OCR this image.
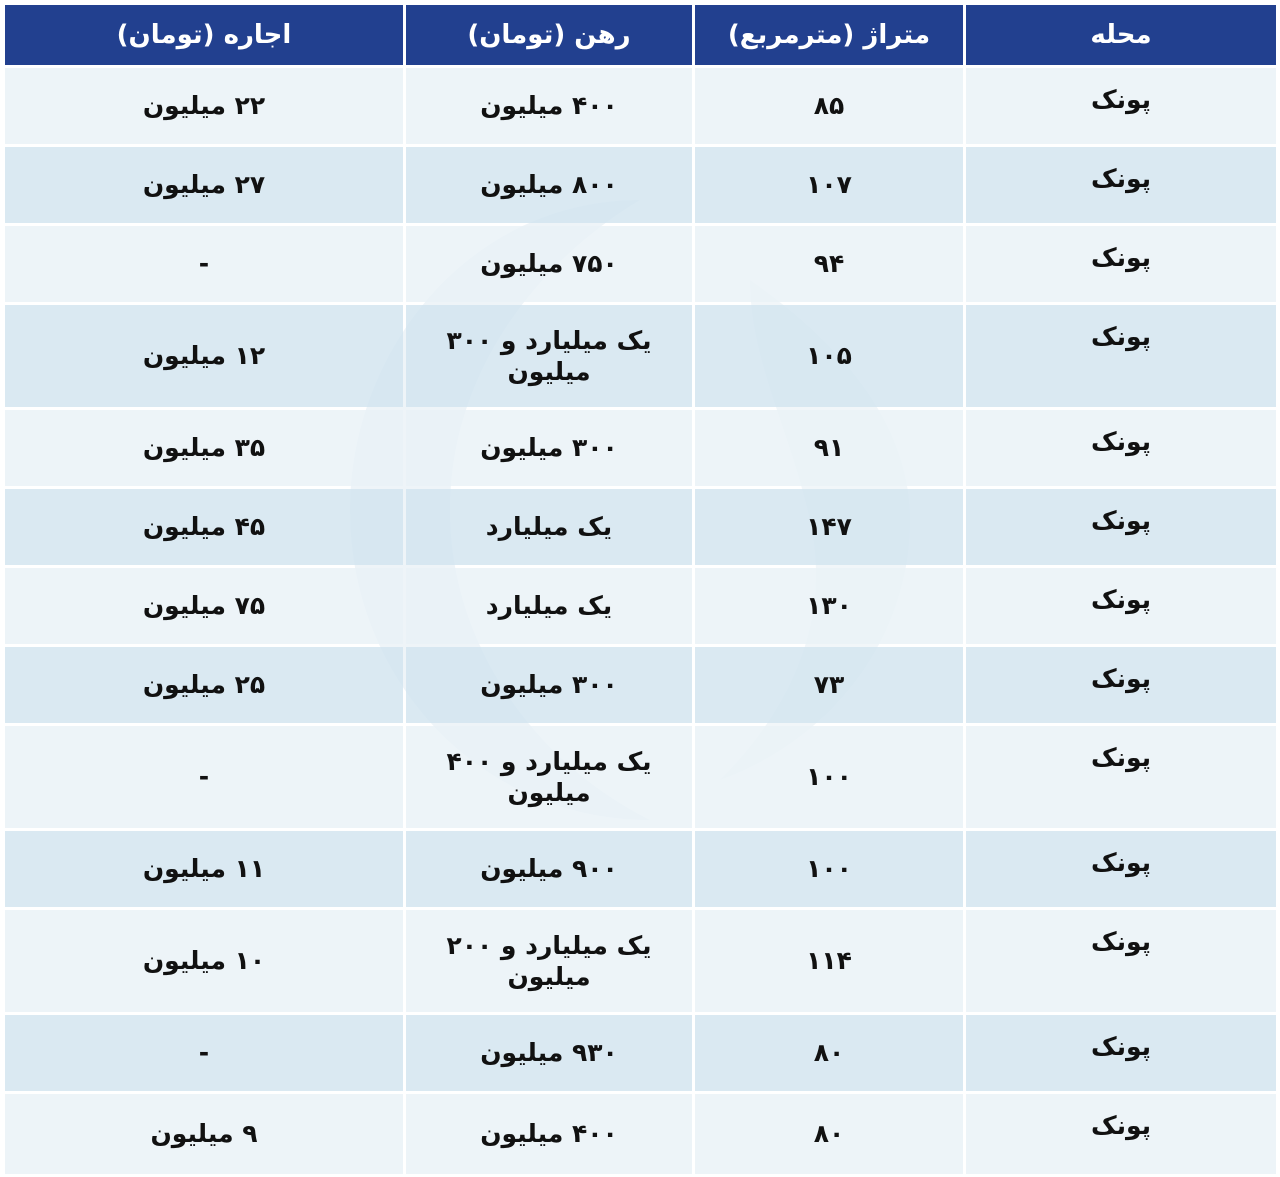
محله	متراژ (مترمربع)	رهن (تومان)	اجاره (تومان)
پونک	۸۵	۴۰۰ میلیون	۲۲ میلیون
پونک	۱۰۷	۸۰۰ میلیون	۲۷ میلیون
پونک	۹۴	۷۵۰ میلیون	-
پونک	۱۰۵	یک میلیارد و ۳۰۰ میلیون	۱۲ میلیون
پونک	۹۱	۳۰۰ میلیون	۳۵ میلیون
پونک	۱۴۷	یک میلیارد	۴۵ میلیون
پونک	۱۳۰	یک میلیارد	۷۵ میلیون
پونک	۷۳	۳۰۰ میلیون	۲۵ میلیون
پونک	۱۰۰	یک میلیارد و ۴۰۰ میلیون	-
پونک	۱۰۰	۹۰۰ میلیون	۱۱ میلیون
پونک	۱۱۴	یک میلیارد و ۲۰۰ میلیون	۱۰ میلیون
پونک	۸۰	۹۳۰ میلیون	-
پونک	۸۰	۴۰۰ میلیون	۹ میلیون
